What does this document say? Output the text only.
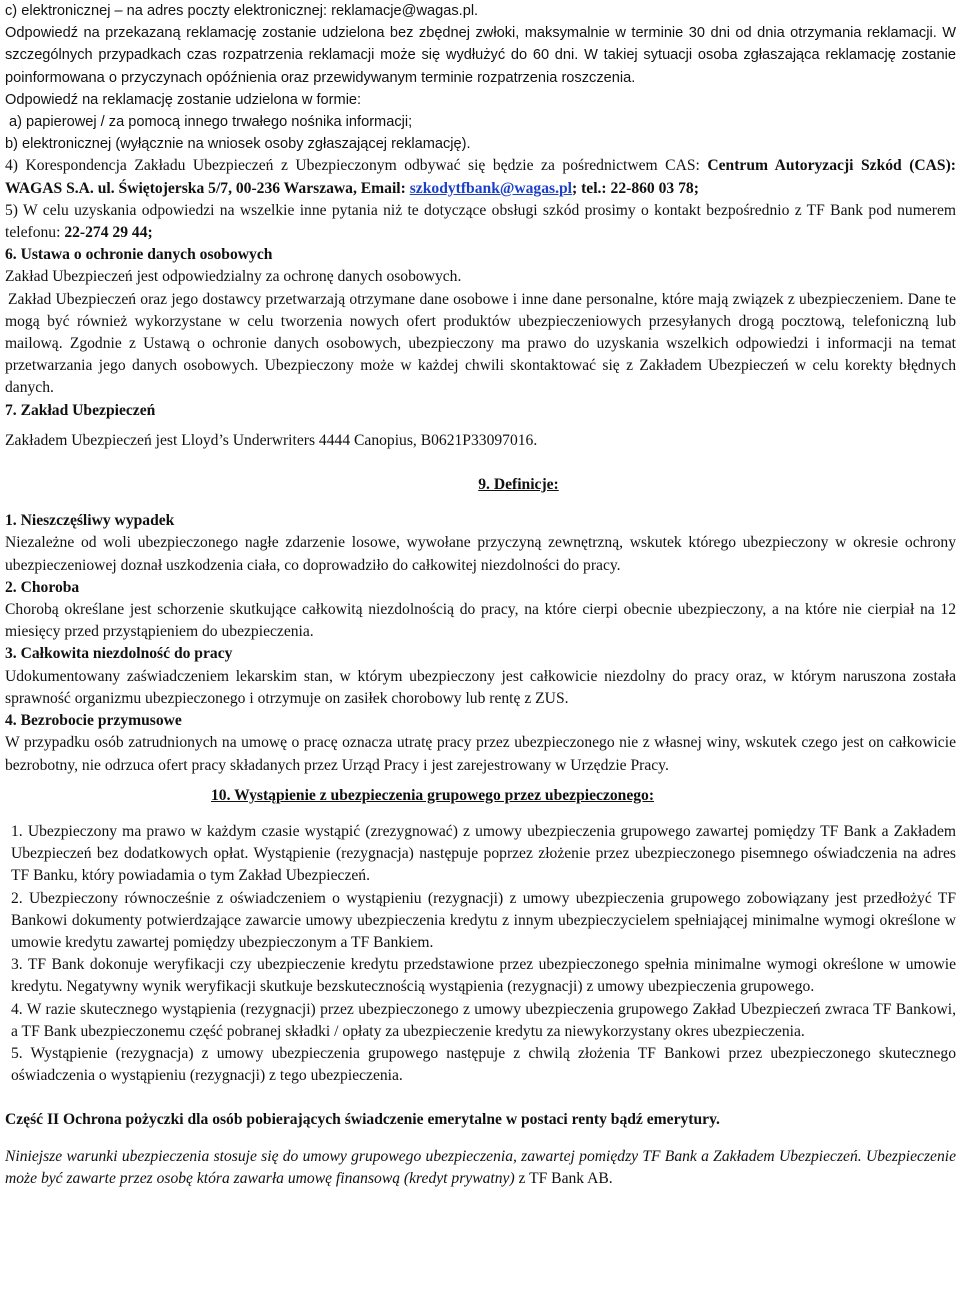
c) elektronicznej – na adres poczty elektronicznej: reklamacje@wagas.pl.

Odpowiedź na przekazaną reklamację zostanie udzielona bez zbędnej zwłoki, maksymalnie w terminie 30 dni od dnia otrzymania reklamacji. W szczególnych przypadkach czas rozpatrzenia reklamacji może się wydłużyć do 60 dni. W takiej sytuacji osoba zgłaszająca reklamację zostanie poinformowana o przyczynach opóźnienia oraz przewidywanym terminie rozpatrzenia roszczenia.

Odpowiedź na reklamację zostanie udzielona w formie:

a) papierowej / za pomocą innego trwałego nośnika informacji;

b) elektronicznej (wyłącznie na wniosek osoby zgłaszającej reklamację).

4) Korespondencja Zakładu Ubezpieczeń z Ubezpieczonym odbywać się będzie za pośrednictwem CAS: Centrum Autoryzacji Szkód (CAS): WAGAS S.A. ul. Świętojerska 5/7, 00-236 Warszawa, Email: szkodytfbank@wagas.pl; tel.: 22-860 03 78;

5) W celu uzyskania odpowiedzi na wszelkie inne pytania niż te dotyczące obsługi szkód prosimy o kontakt bezpośrednio z TF Bank pod numerem telefonu: 22-274 29 44;

6. Ustawa o ochronie danych osobowych

Zakład Ubezpieczeń jest odpowiedzialny za ochronę danych osobowych.

Zakład Ubezpieczeń oraz jego dostawcy przetwarzają otrzymane dane osobowe i inne dane personalne, które mają związek z ubezpieczeniem. Dane te mogą być również wykorzystane w celu tworzenia nowych ofert produktów ubezpieczeniowych przesyłanych drogą pocztową, telefoniczną lub mailową. Zgodnie z Ustawą o ochronie danych osobowych, ubezpieczony ma prawo do uzyskania wszelkich odpowiedzi i informacji na temat przetwarzania jego danych osobowych. Ubezpieczony może w każdej chwili skontaktować się z Zakładem Ubezpieczeń w celu korekty błędnych danych.

7. Zakład Ubezpieczeń

Zakładem Ubezpieczeń jest Lloyd’s Underwriters 4444 Canopius, B0621P33097016.

9. Definicje:

1. Nieszczęśliwy wypadek

Niezależne od woli ubezpieczonego nagłe zdarzenie losowe, wywołane przyczyną zewnętrzną, wskutek którego ubezpieczony w okresie ochrony ubezpieczeniowej doznał uszkodzenia ciała, co doprowadziło do całkowitej niezdolności do pracy.

2. Choroba

Chorobą określane jest schorzenie skutkujące całkowitą niezdolnością do pracy, na które cierpi obecnie ubezpieczony, a na które nie cierpiał na 12 miesięcy przed przystąpieniem do ubezpieczenia.

3. Całkowita niezdolność do pracy

Udokumentowany zaświadczeniem lekarskim stan, w którym ubezpieczony jest całkowicie niezdolny do pracy oraz, w którym naruszona została sprawność organizmu ubezpieczonego i otrzymuje on zasiłek chorobowy lub rentę z ZUS.

4. Bezrobocie przymusowe

W przypadku osób zatrudnionych na umowę o pracę oznacza utratę pracy przez ubezpieczonego nie z własnej winy, wskutek czego jest on całkowicie bezrobotny, nie odrzuca ofert pracy składanych przez Urząd Pracy i jest zarejestrowany w Urzędzie Pracy.

10. Wystąpienie z ubezpieczenia grupowego przez ubezpieczonego:

1. Ubezpieczony ma prawo w każdym czasie wystąpić (zrezygnować) z umowy ubezpieczenia grupowego zawartej pomiędzy TF Bank a Zakładem Ubezpieczeń bez dodatkowych opłat. Wystąpienie (rezygnacja) następuje poprzez złożenie przez ubezpieczonego pisemnego oświadczenia na adres TF Banku, który powiadamia o tym Zakład Ubezpieczeń.

2. Ubezpieczony równocześnie z oświadczeniem o wystąpieniu (rezygnacji) z umowy ubezpieczenia grupowego zobowiązany jest przedłożyć TF Bankowi dokumenty potwierdzające zawarcie umowy ubezpieczenia kredytu z innym ubezpieczycielem spełniającej minimalne wymogi określone w umowie kredytu zawartej pomiędzy ubezpieczonym a TF Bankiem.

3. TF Bank dokonuje weryfikacji czy ubezpieczenie kredytu przedstawione przez ubezpieczonego spełnia minimalne wymogi określone w umowie kredytu. Negatywny wynik weryfikacji skutkuje bezskutecznością wystąpienia (rezygnacji) z umowy ubezpieczenia grupowego.

4. W razie skutecznego wystąpienia (rezygnacji) przez ubezpieczonego z umowy ubezpieczenia grupowego Zakład Ubezpieczeń zwraca TF Bankowi, a TF Bank ubezpieczonemu część pobranej składki / opłaty za ubezpieczenie kredytu za niewykorzystany okres ubezpieczenia.

5. Wystąpienie (rezygnacja) z umowy ubezpieczenia grupowego następuje z chwilą złożenia TF Bankowi przez ubezpieczonego skutecznego oświadczenia o wystąpieniu (rezygnacji) z tego ubezpieczenia.

Część II Ochrona pożyczki dla osób pobierających świadczenie emerytalne w postaci renty bądź emerytury.

Niniejsze warunki ubezpieczenia stosuje się do umowy grupowego ubezpieczenia, zawartej pomiędzy TF Bank a Zakładem Ubezpieczeń. Ubezpieczenie może być zawarte przez osobę która zawarła umowę finansową (kredyt prywatny) z TF Bank AB.
